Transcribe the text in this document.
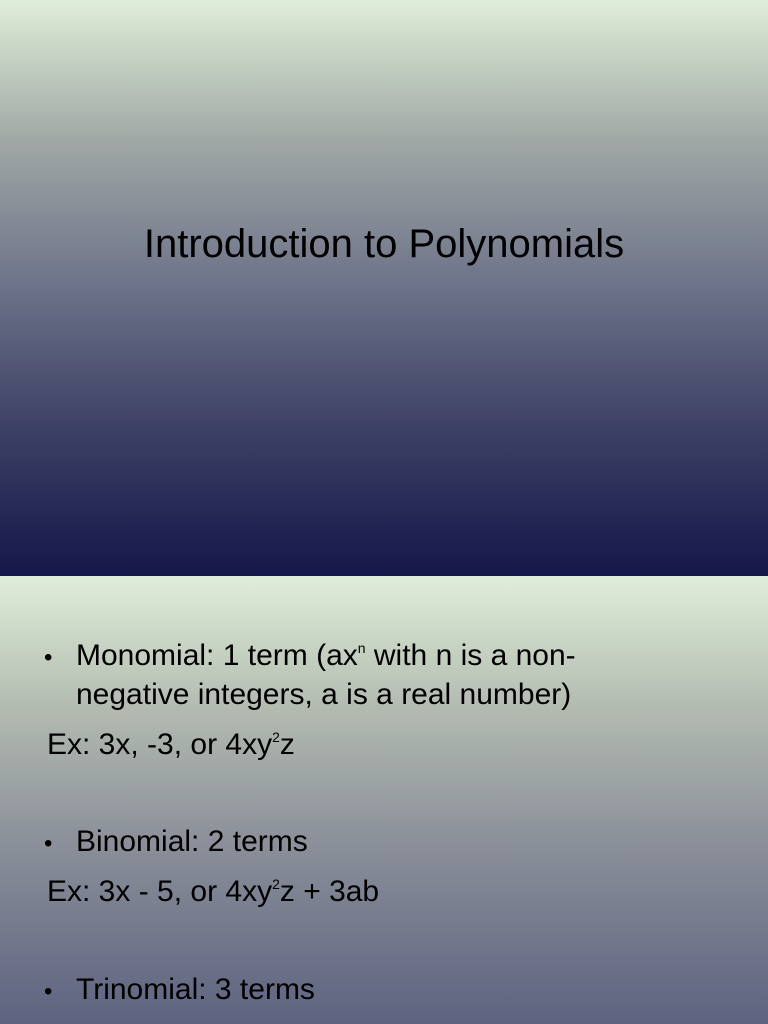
Introduction to Polynomials
• Monomial: 1 term ($ax^n$ with n is a non-
negative integers, a is a real number)
Ex: 3x, -3, or $4xy^2z$
• Binomial: 2 terms
Ex: 3x - 5, or $4xy^2z + 3ab$
• Trinomial: 3 terms
